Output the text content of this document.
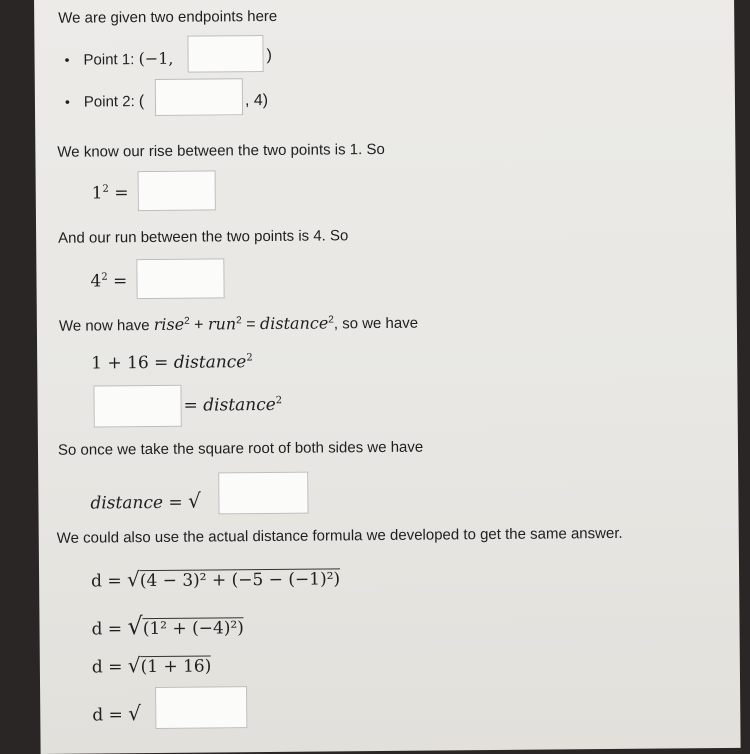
We are given two endpoints here
• Point 1: (−1,	)
• Point 2: (	, 4)
We know our rise between the two points is 1. So
$1^2$ =
And our run between the two points is 4. So
$4^2$ =
We now have rise$^2$ + run$^2$ = distance$^2$, so we have
1 + 16 = distance$^2$
= distance$^2$
So once we take the square root of both sides we have
distance = √
We could also use the actual distance formula we developed to get the same answer.
d = √(4 − 3)² + (−5 − (−1)²)
d = √(1² + (−4)²)
d = √(1 + 16)
d = √
